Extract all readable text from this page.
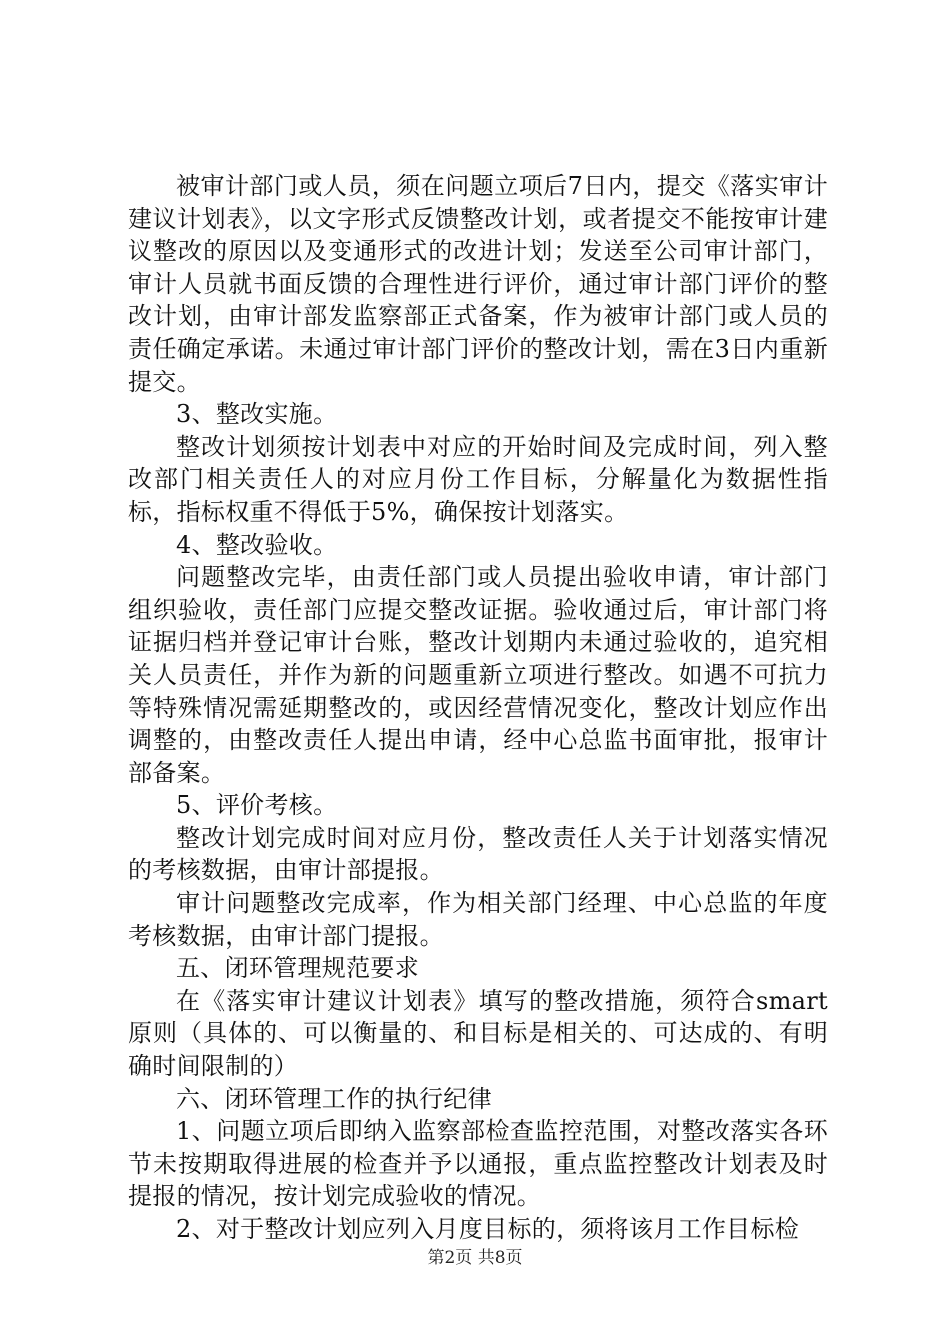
被审计部门或人员，须在问题立项后7日内，提交《落实审计建议计划表》，以文字形式反馈整改计划，或者提交不能按审计建议整改的原因以及变通形式的改进计划；发送至公司审计部门，审计人员就书面反馈的合理性进行评价，通过审计部门评价的整改计划，由审计部发监察部正式备案，作为被审计部门或人员的责任确定承诺。未通过审计部门评价的整改计划，需在3日内重新提交。

3、整改实施。

整改计划须按计划表中对应的开始时间及完成时间，列入整改部门相关责任人的对应月份工作目标，分解量化为数据性指标，指标权重不得低于5%，确保按计划落实。

4、整改验收。

问题整改完毕，由责任部门或人员提出验收申请，审计部门组织验收，责任部门应提交整改证据。验收通过后，审计部门将证据归档并登记审计台账，整改计划期内未通过验收的，追究相关人员责任，并作为新的问题重新立项进行整改。如遇不可抗力等特殊情况需延期整改的，或因经营情况变化，整改计划应作出调整的，由整改责任人提出申请，经中心总监书面审批，报审计部备案。

5、评价考核。

整改计划完成时间对应月份，整改责任人关于计划落实情况的考核数据，由审计部提报。

审计问题整改完成率，作为相关部门经理、中心总监的年度考核数据，由审计部门提报。

五、闭环管理规范要求

在《落实审计建议计划表》填写的整改措施，须符合smart原则（具体的、可以衡量的、和目标是相关的、可达成的、有明确时间限制的）

六、闭环管理工作的执行纪律

1、问题立项后即纳入监察部检查监控范围，对整改落实各环节未按期取得进展的检查并予以通报，重点监控整改计划表及时提报的情况，按计划完成验收的情况。

2、对于整改计划应列入月度目标的，须将该月工作目标检

第2页 共8页
